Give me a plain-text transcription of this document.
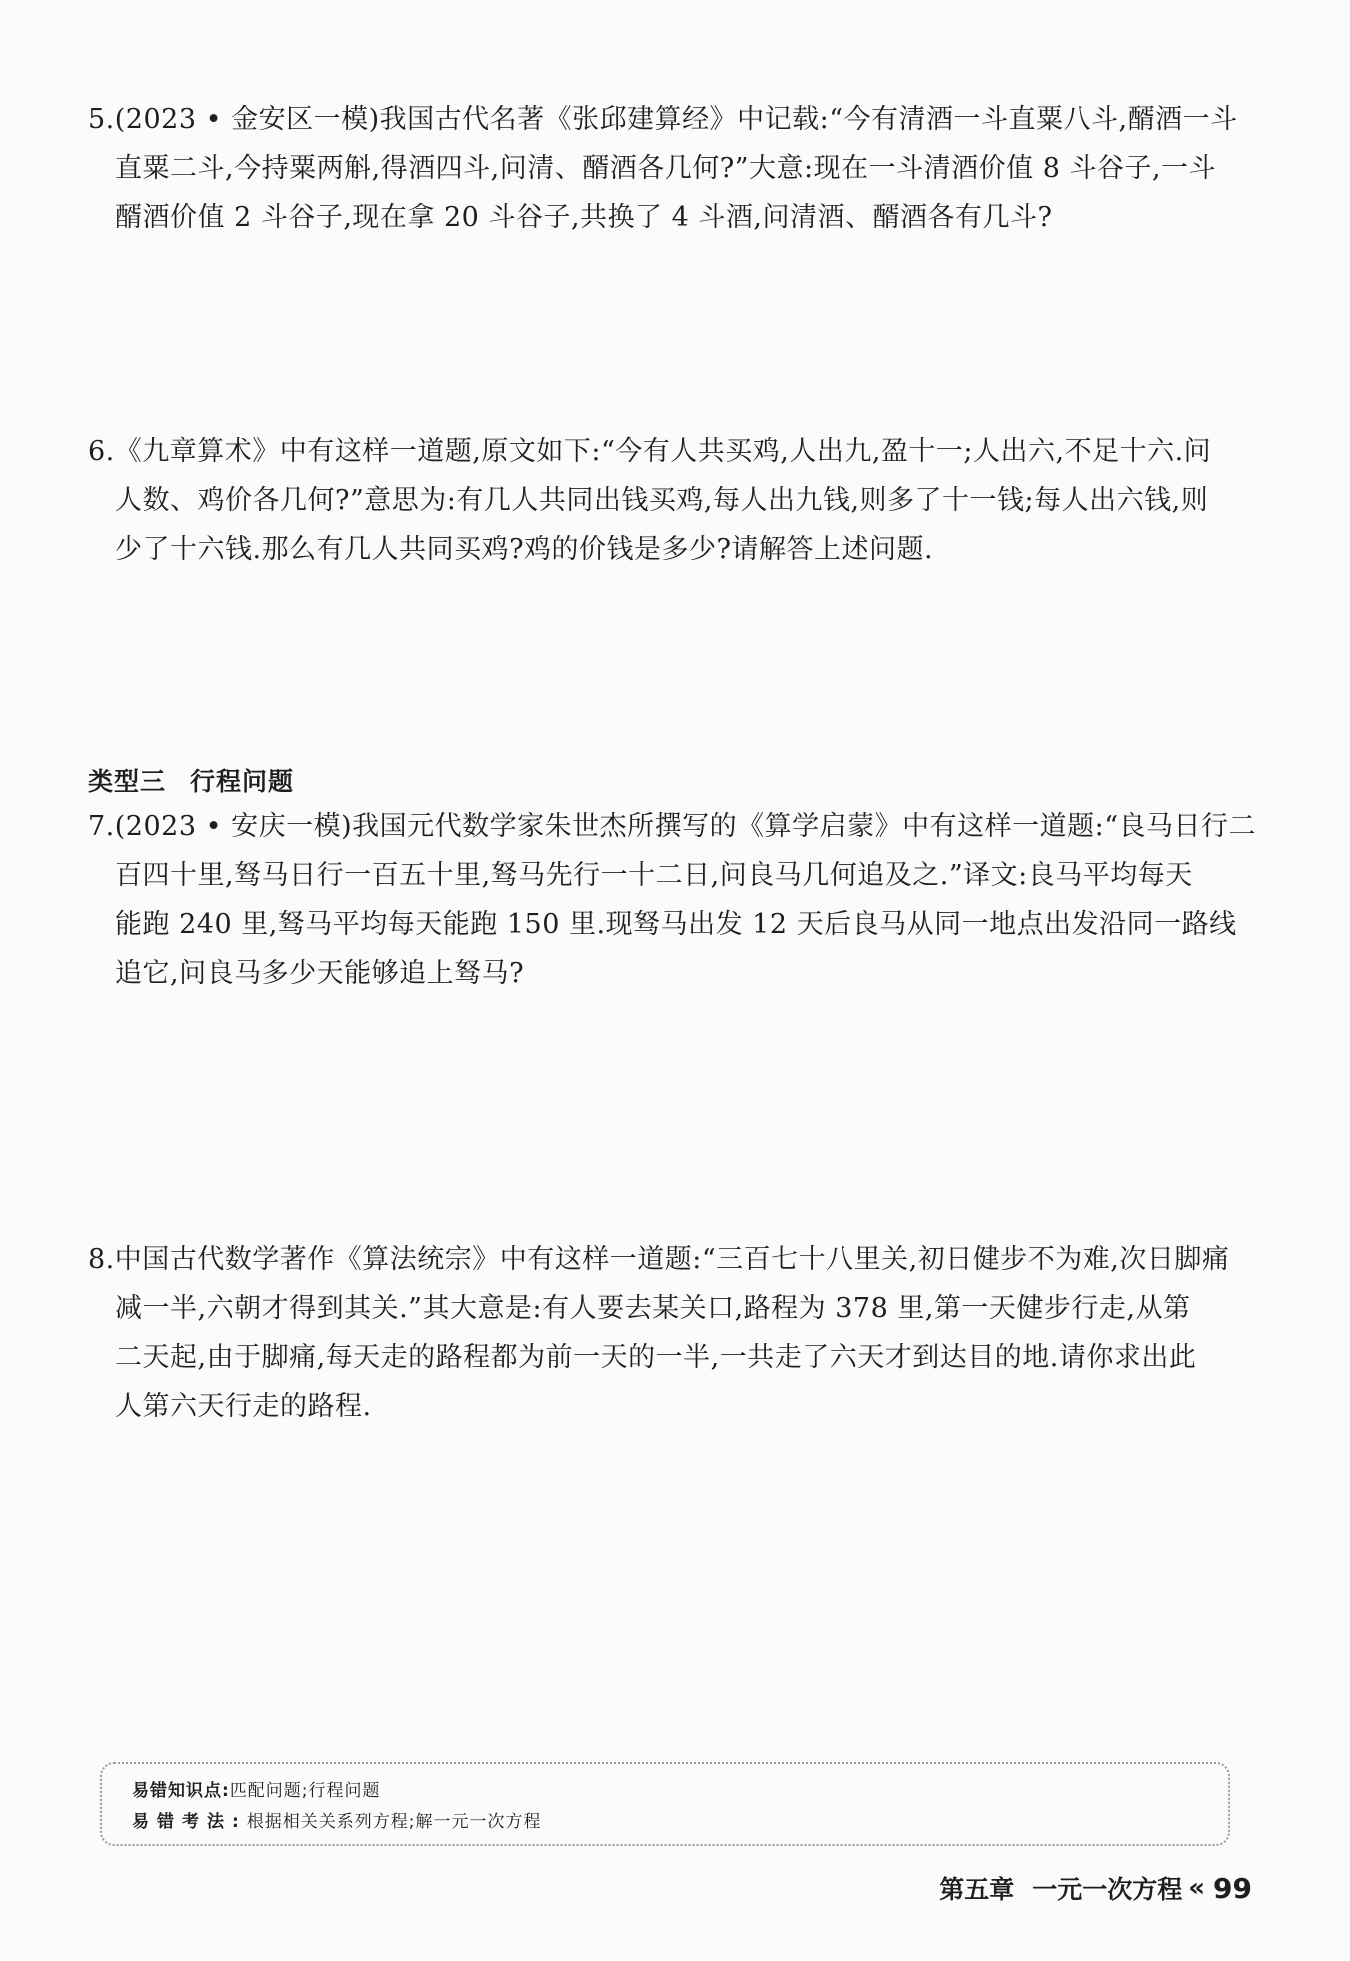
5.(2023 • 金安区一模)我国古代名著《张邱建算经》中记载:“今有清酒一斗直粟八斗,醑酒一斗
直粟二斗,今持粟两斛,得酒四斗,问清、醑酒各几何?”大意:现在一斗清酒价值 8 斗谷子,一斗
醑酒价值 2 斗谷子,现在拿 20 斗谷子,共换了 4 斗酒,问清酒、醑酒各有几斗?
6.《九章算术》中有这样一道题,原文如下:“今有人共买鸡,人出九,盈十一;人出六,不足十六.问
人数、鸡价各几何?”意思为:有几人共同出钱买鸡,每人出九钱,则多了十一钱;每人出六钱,则
少了十六钱.那么有几人共同买鸡?鸡的价钱是多少?请解答上述问题.
类型三 行程问题
7.(2023 • 安庆一模)我国元代数学家朱世杰所撰写的《算学启蒙》中有这样一道题:“良马日行二
百四十里,驽马日行一百五十里,驽马先行一十二日,问良马几何追及之.”译文:良马平均每天
能跑 240 里,驽马平均每天能跑 150 里.现驽马出发 12 天后良马从同一地点出发沿同一路线
追它,问良马多少天能够追上驽马?
8.中国古代数学著作《算法统宗》中有这样一道题:“三百七十八里关,初日健步不为难,次日脚痛
减一半,六朝才得到其关.”其大意是:有人要去某关口,路程为 378 里,第一天健步行走,从第
二天起,由于脚痛,每天走的路程都为前一天的一半,一共走了六天才到达目的地.请你求出此
人第六天行走的路程.
易错知识点:匹配问题;行程问题
易错考法:根据相关关系列方程;解一元一次方程
第五章 一元一次方程 « 99
